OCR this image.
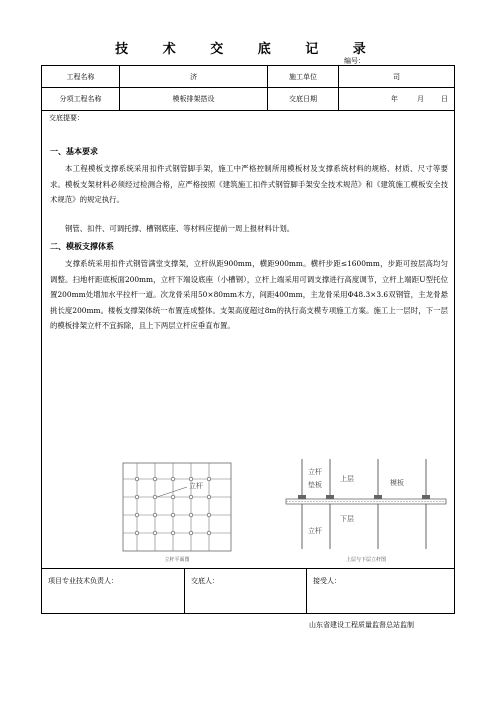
技 术 交 底 记 录
编号：
工程名称	济	施工单位	司
分项工程名称	模板排架搭设	交底日期	年	月 日
交底提要：
一、基本要求
本工程模板支撑系统采用扣件式钢管脚手架，施工中严格控制所用模板材及支撑系统材料的规格、材质、尺寸等要求。模板支架材料必须经过检测合格，应严格按照《建筑施工扣件式钢管脚手架安全技术规范》和《建筑施工模板安全技术规范》的规定执行。
钢管、扣件、可调托撑、槽钢底座、等材料应提前一周上报材料计划。
二、模板支撑体系
支撑系统采用扣件式钢管满堂支撑架，立杆纵距900mm，横距900mm。横杆步距≤1600mm，步距可按层高均匀调整。扫地杆距底板面200mm，立杆下端设底座（小槽钢），立杆上端采用可调支撑进行高度调节，立杆上端距U型托位置200mm处增加水平拉杆一道。次龙骨采用50×80mm木方，间距400mm，主龙骨采用Φ48.3×3.6双钢管，主龙骨悬挑长度200mm。楼板支撑架体统一布置连成整体。支架高度超过8m的执行高支模专项施工方案。施工上一层时，下一层的模板排架立杆不宜拆除，且上下两层立杆应垂直布置。
立杆
立杆平面图
立杆
垫板
上层	模板
下层
立杆
上层与下层立杆图
项目专业技术负责人：	交底人：	接受人：
山东省建设工程质量监督总站监制
